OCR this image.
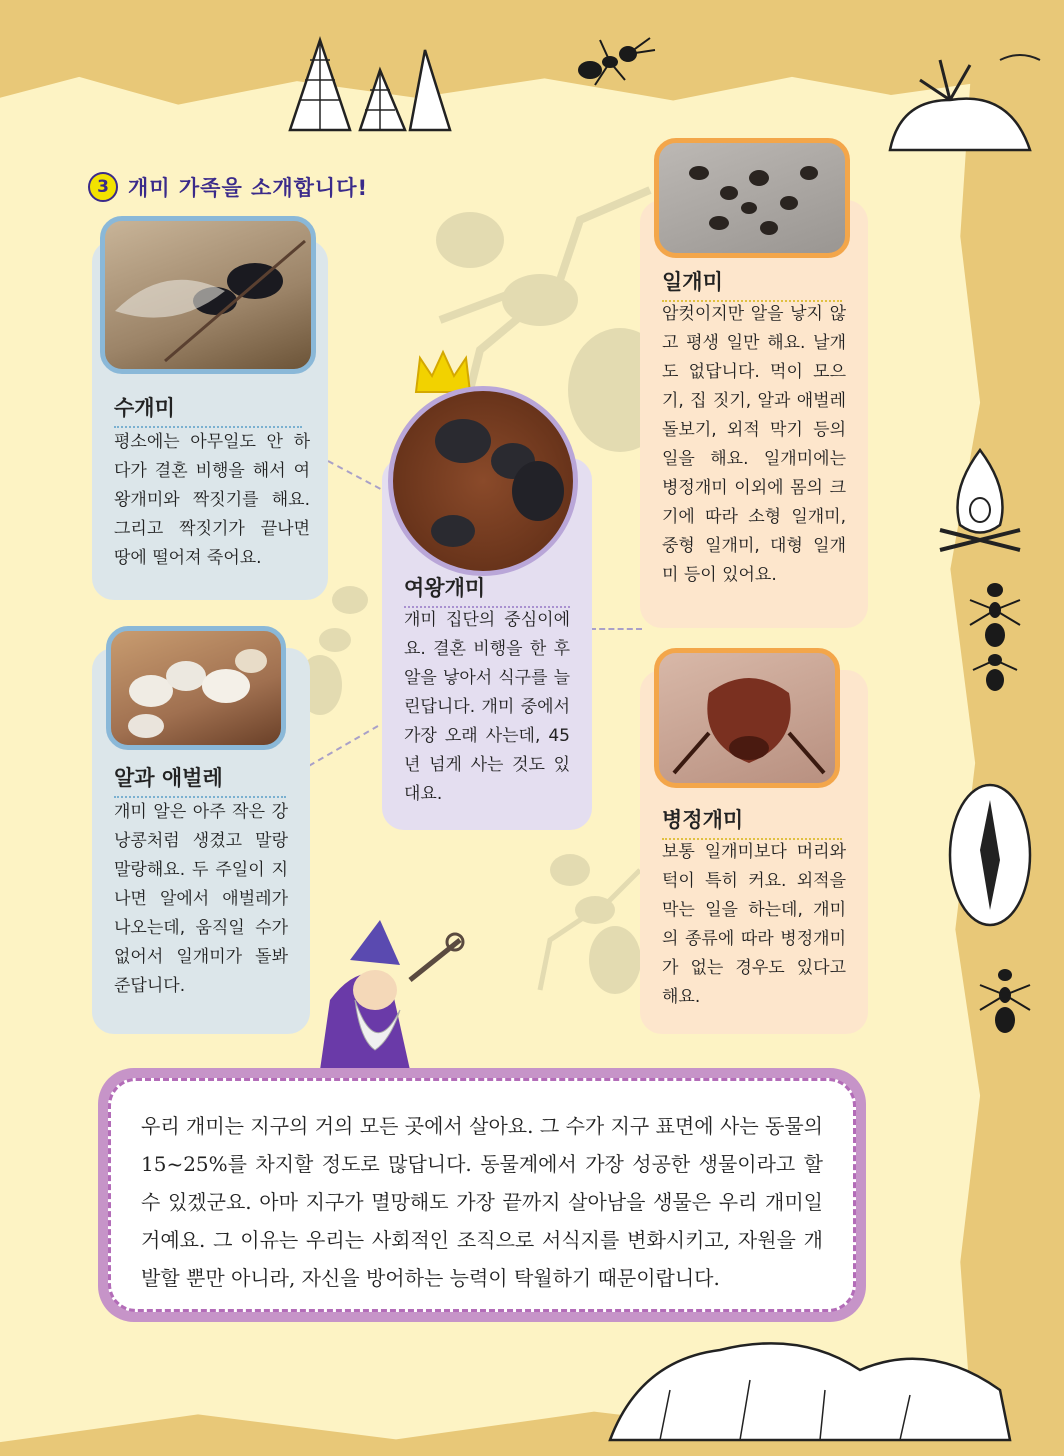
3 개미 가족을 소개합니다!
수개미
평소에는 아무일도 안 하다가 결혼 비행을 해서 여왕개미와 짝짓기를 해요. 그리고 짝짓기가 끝나면 땅에 떨어져 죽어요.
알과 애벌레
개미 알은 아주 작은 강낭콩처럼 생겼고 말랑말랑해요. 두 주일이 지나면 알에서 애벌레가 나오는데, 움직일 수가 없어서 일개미가 돌봐준답니다.
여왕개미
개미 집단의 중심이에요. 결혼 비행을 한 후 알을 낳아서 식구를 늘린답니다. 개미 중에서 가장 오래 사는데, 45년 넘게 사는 것도 있대요.
일개미
암컷이지만 알을 낳지 않고 평생 일만 해요. 날개도 없답니다. 먹이 모으기, 집 짓기, 알과 애벌레 돌보기, 외적 막기 등의 일을 해요. 일개미에는 병정개미 이외에 몸의 크기에 따라 소형 일개미, 중형 일개미, 대형 일개미 등이 있어요.
병정개미
보통 일개미보다 머리와 턱이 특히 커요. 외적을 막는 일을 하는데, 개미의 종류에 따라 병정개미가 없는 경우도 있다고 해요.
우리 개미는 지구의 거의 모든 곳에서 살아요. 그 수가 지구 표면에 사는 동물의 15~25%를 차지할 정도로 많답니다. 동물계에서 가장 성공한 생물이라고 할 수 있겠군요. 아마 지구가 멸망해도 가장 끝까지 살아남을 생물은 우리 개미일 거예요. 그 이유는 우리는 사회적인 조직으로 서식지를 변화시키고, 자원을 개발할 뿐만 아니라, 자신을 방어하는 능력이 탁월하기 때문이랍니다.
